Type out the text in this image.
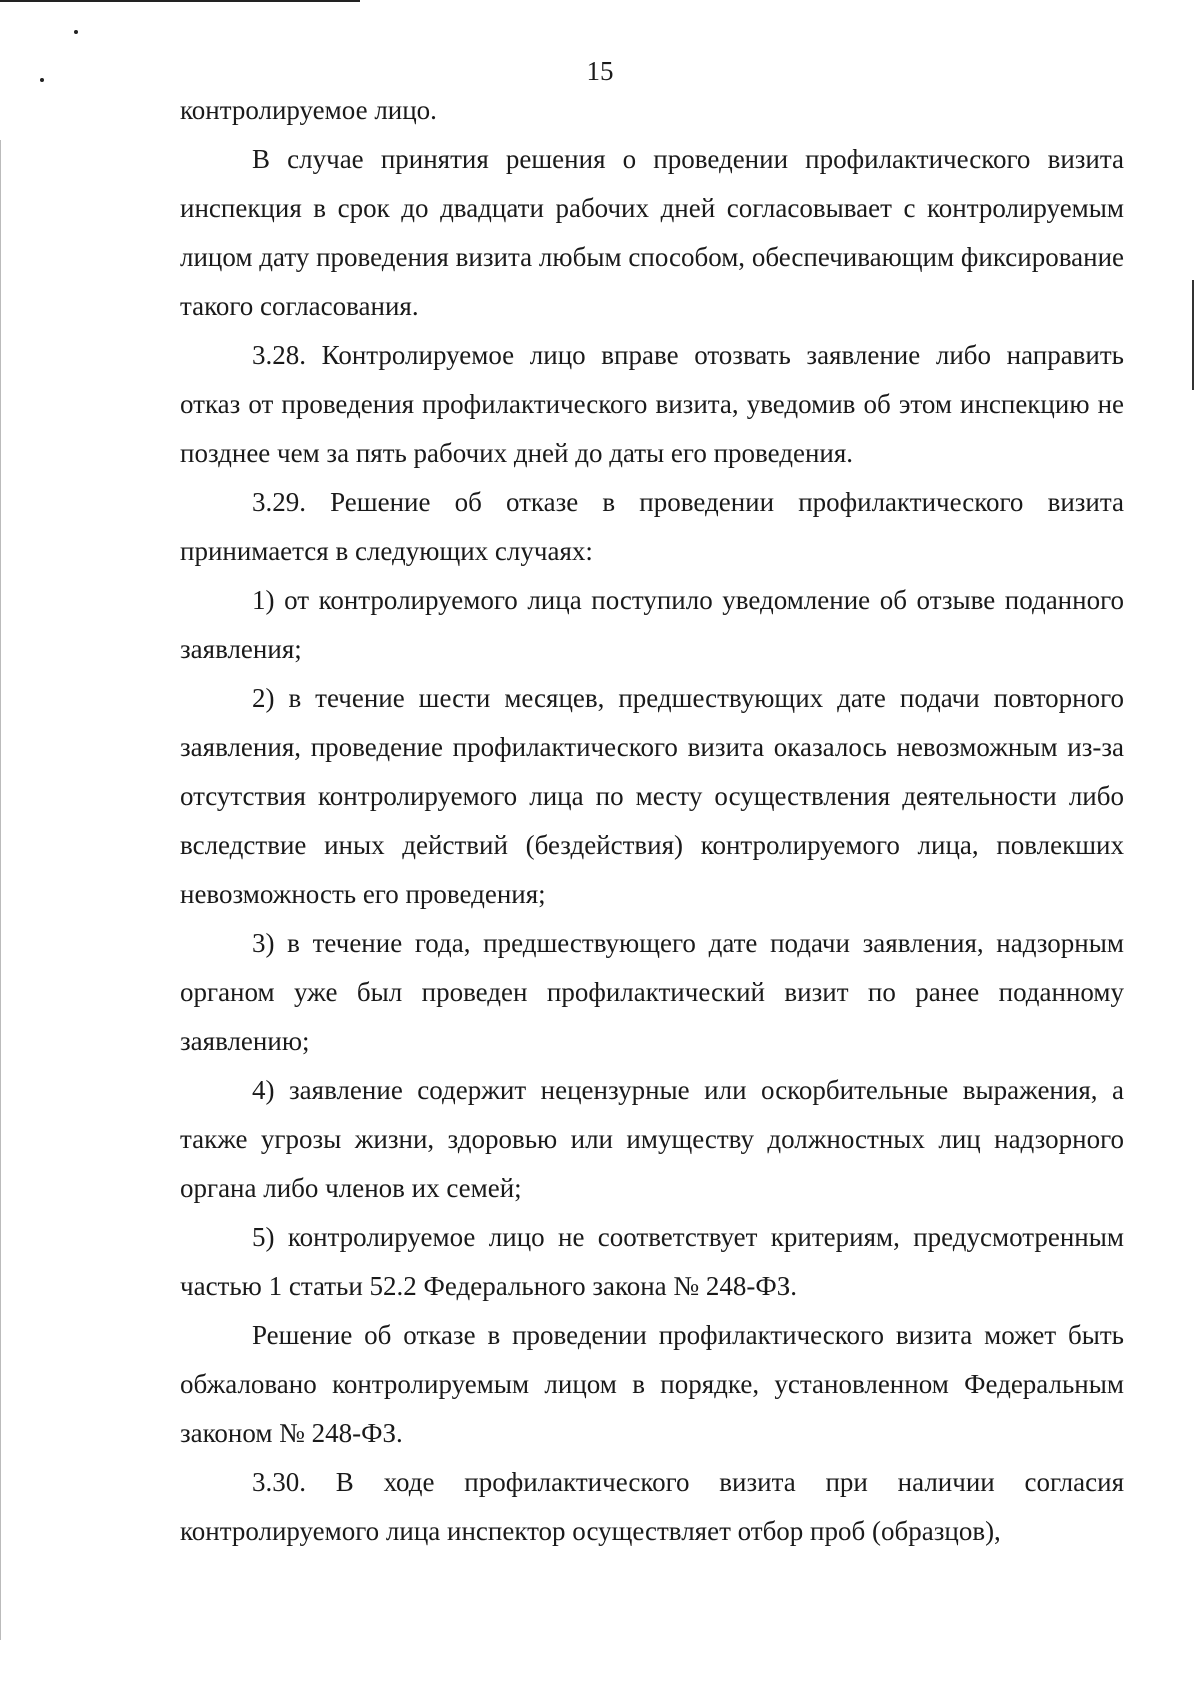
15

контролируемое лицо.

В случае принятия решения о проведении профилактического визита инспекция в срок до двадцати рабочих дней согласовывает с контролируемым лицом дату проведения визита любым способом, обеспечивающим фиксирование такого согласования.

3.28. Контролируемое лицо вправе отозвать заявление либо направить отказ от проведения профилактического визита, уведомив об этом инспекцию не позднее чем за пять рабочих дней до даты его проведения.

3.29. Решение об отказе в проведении профилактического визита принимается в следующих случаях:

1) от контролируемого лица поступило уведомление об отзыве поданного заявления;

2) в течение шести месяцев, предшествующих дате подачи повторного заявления, проведение профилактического визита оказалось невозможным из-за отсутствия контролируемого лица по месту осуществления деятельности либо вследствие иных действий (бездействия) контролируемого лица, повлекших невозможность его проведения;

3) в течение года, предшествующего дате подачи заявления, надзорным органом уже был проведен профилактический визит по ранее поданному заявлению;

4) заявление содержит нецензурные или оскорбительные выражения, а также угрозы жизни, здоровью или имуществу должностных лиц надзорного органа либо членов их семей;

5) контролируемое лицо не соответствует критериям, предусмотренным частью 1 статьи 52.2 Федерального закона № 248-ФЗ.

Решение об отказе в проведении профилактического визита может быть обжаловано контролируемым лицом в порядке, установленном Федеральным законом № 248-ФЗ.

3.30. В ходе профилактического визита при наличии согласия контролируемого лица инспектор осуществляет отбор проб (образцов),
